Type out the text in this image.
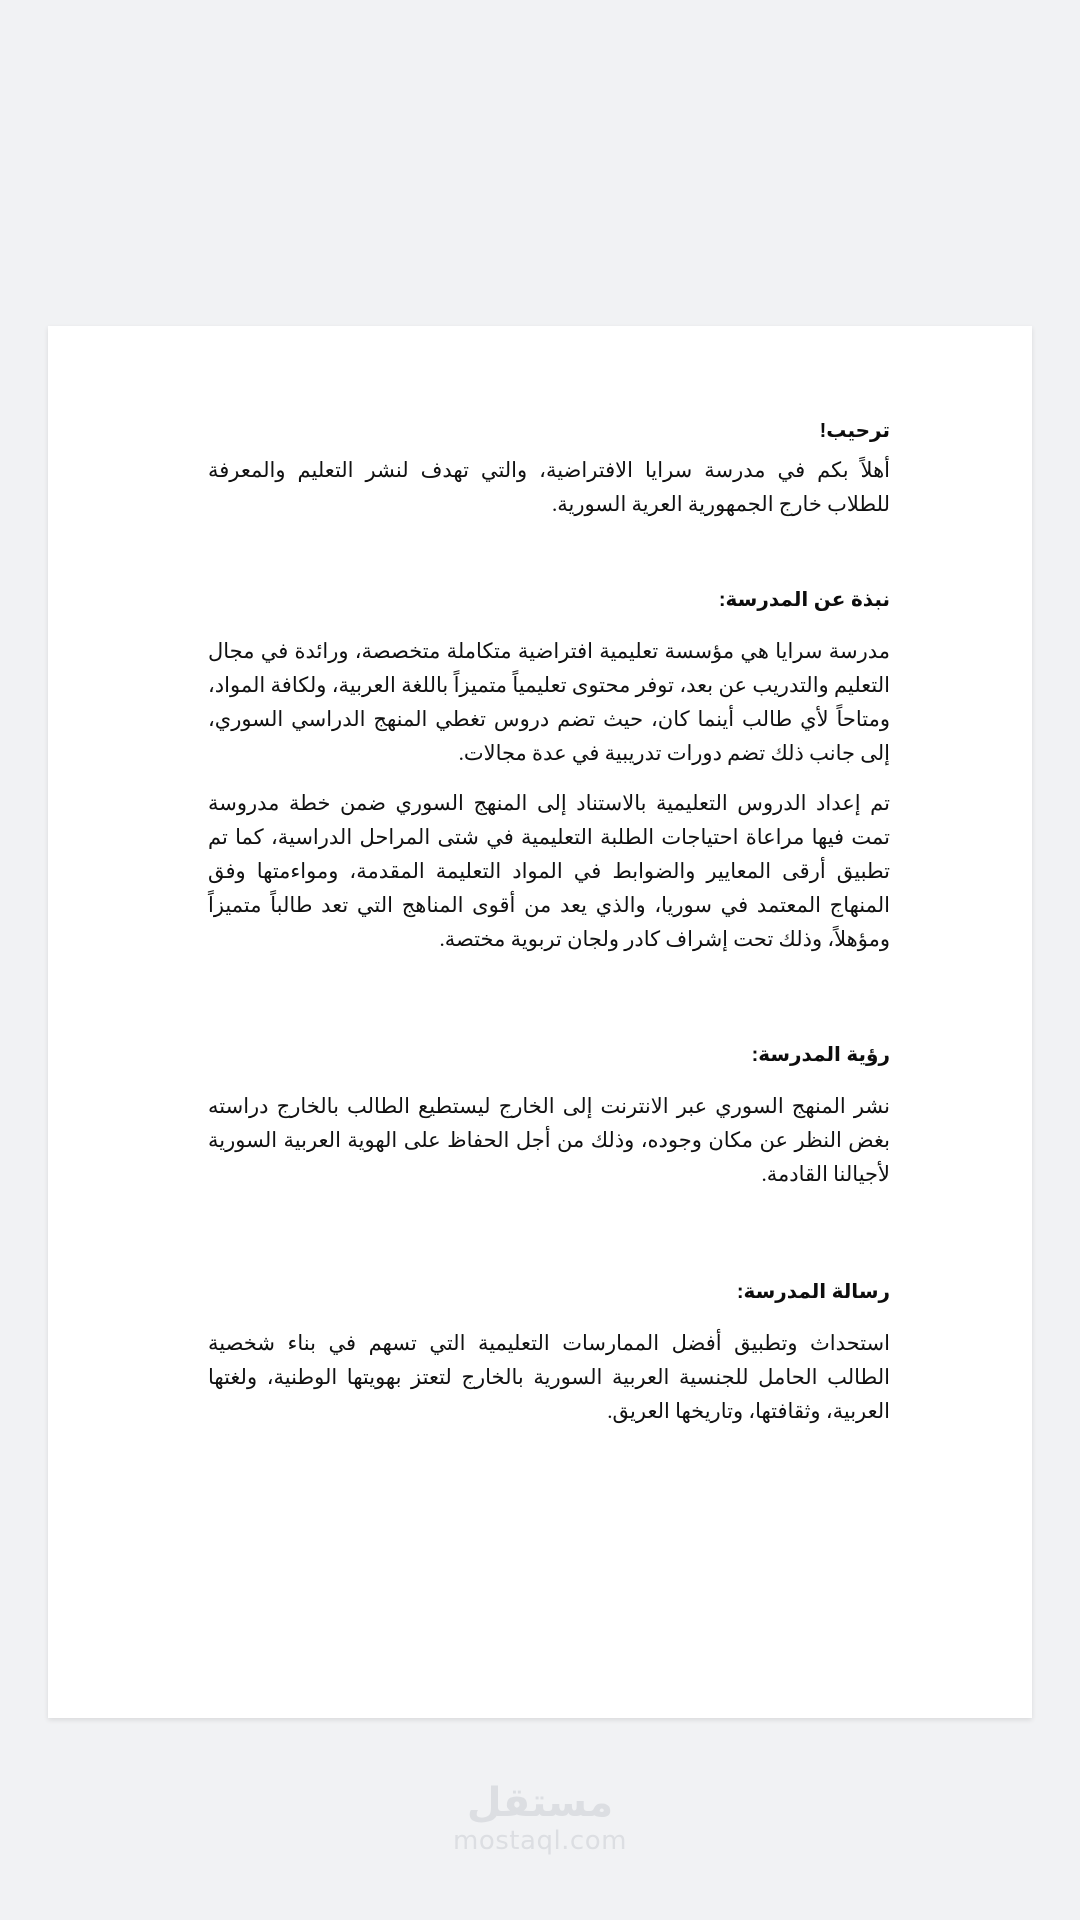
ترحيب!

أهلاً بكم في مدرسة سرايا الافتراضية، والتي تهدف لنشر التعليم والمعرفة للطلاب خارج الجمهورية العرية السورية.

نبذة عن المدرسة:

مدرسة سرايا هي مؤسسة تعليمية افتراضية متكاملة متخصصة، ورائدة في مجال التعليم والتدريب عن بعد، توفر محتوى تعليمياً متميزاً باللغة العربية، ولكافة المواد، ومتاحاً لأي طالب أينما كان، حيث تضم دروس تغطي المنهج الدراسي السوري، إلى جانب ذلك تضم دورات تدريبية في عدة مجالات.

تم إعداد الدروس التعليمية بالاستناد إلى المنهج السوري ضمن خطة مدروسة تمت فيها مراعاة احتياجات الطلبة التعليمية في شتى المراحل الدراسية، كما تم تطبيق أرقى المعايير والضوابط في المواد التعليمة المقدمة، ومواءمتها وفق المنهاج المعتمد في سوريا، والذي يعد من أقوى المناهج التي تعد طالباً متميزاً ومؤهلاً، وذلك تحت إشراف كادر ولجان تربوية مختصة.

رؤية المدرسة:

نشر المنهج السوري عبر الانترنت إلى الخارج ليستطيع الطالب بالخارج دراسته بغض النظر عن مكان وجوده، وذلك من أجل الحفاظ على الهوية العربية السورية لأجيالنا القادمة.

رسالة المدرسة:

استحداث وتطبيق أفضل الممارسات التعليمية التي تسهم في بناء شخصية الطالب الحامل للجنسية العربية السورية بالخارج لتعتز بهويتها الوطنية، ولغتها العربية، وثقافتها، وتاريخها العريق.

مستقل
mostaql.com
